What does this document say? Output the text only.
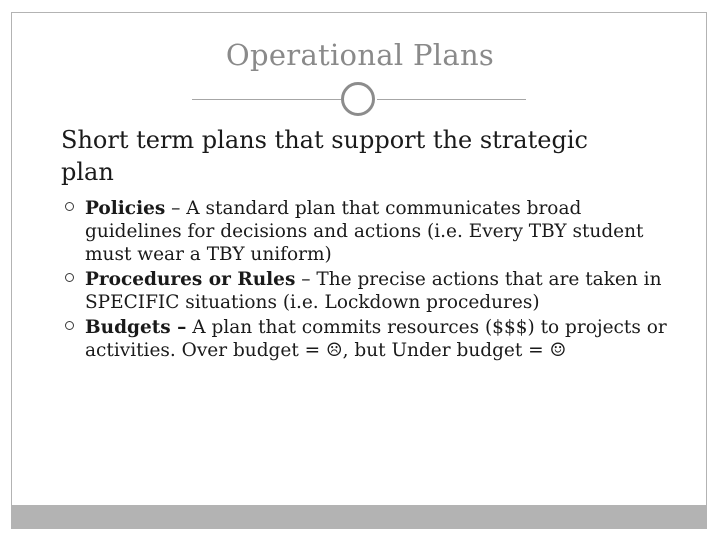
Operational Plans
Short term plans that support the strategic
plan
Policies – A standard plan that communicates broad guidelines for decisions and actions (i.e. Every TBY student must wear a TBY uniform)
Procedures or Rules – The precise actions that are taken in SPECIFIC situations (i.e. Lockdown procedures)
Budgets – A plan that commits resources ($$$) to projects or activities. Over budget = ☹, but Under budget = ☺
